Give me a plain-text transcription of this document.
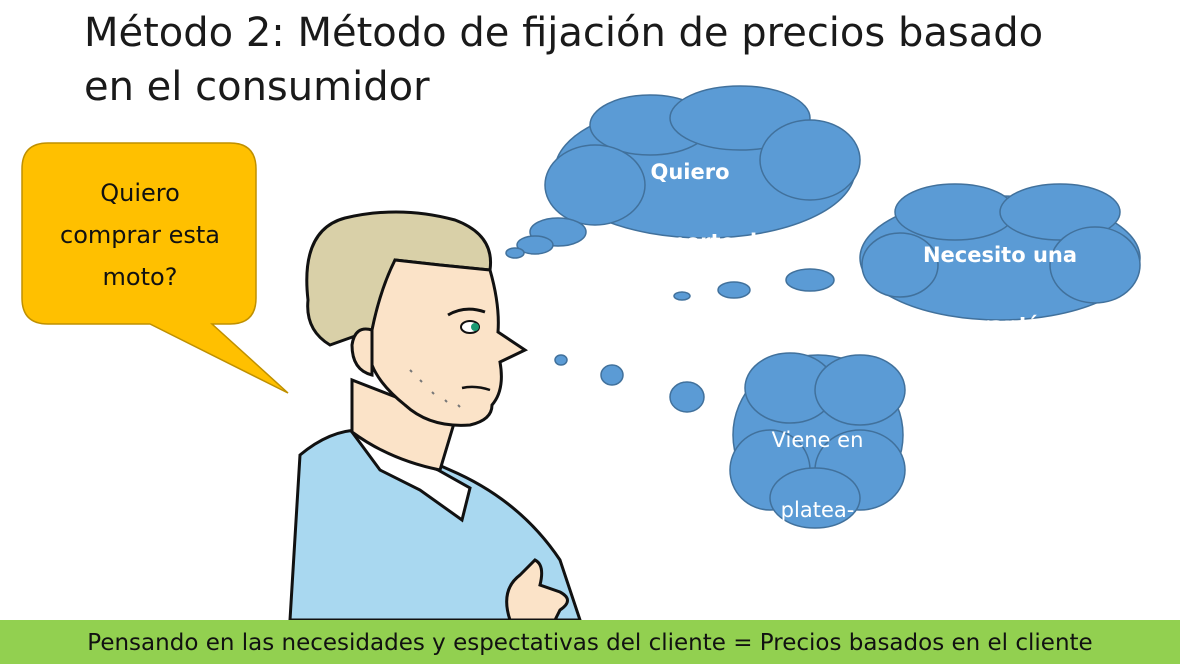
Método 2: Método de fijación de precios basado
en el consumidor
Quiero
comprar esta
moto?

Quiero

transporte de

bajo consumo.

Necesito una

garantía

extendida.

Viene en

platea-

do?

Pensando en las necesidades y espectativas del cliente = Precios basados en el cliente
